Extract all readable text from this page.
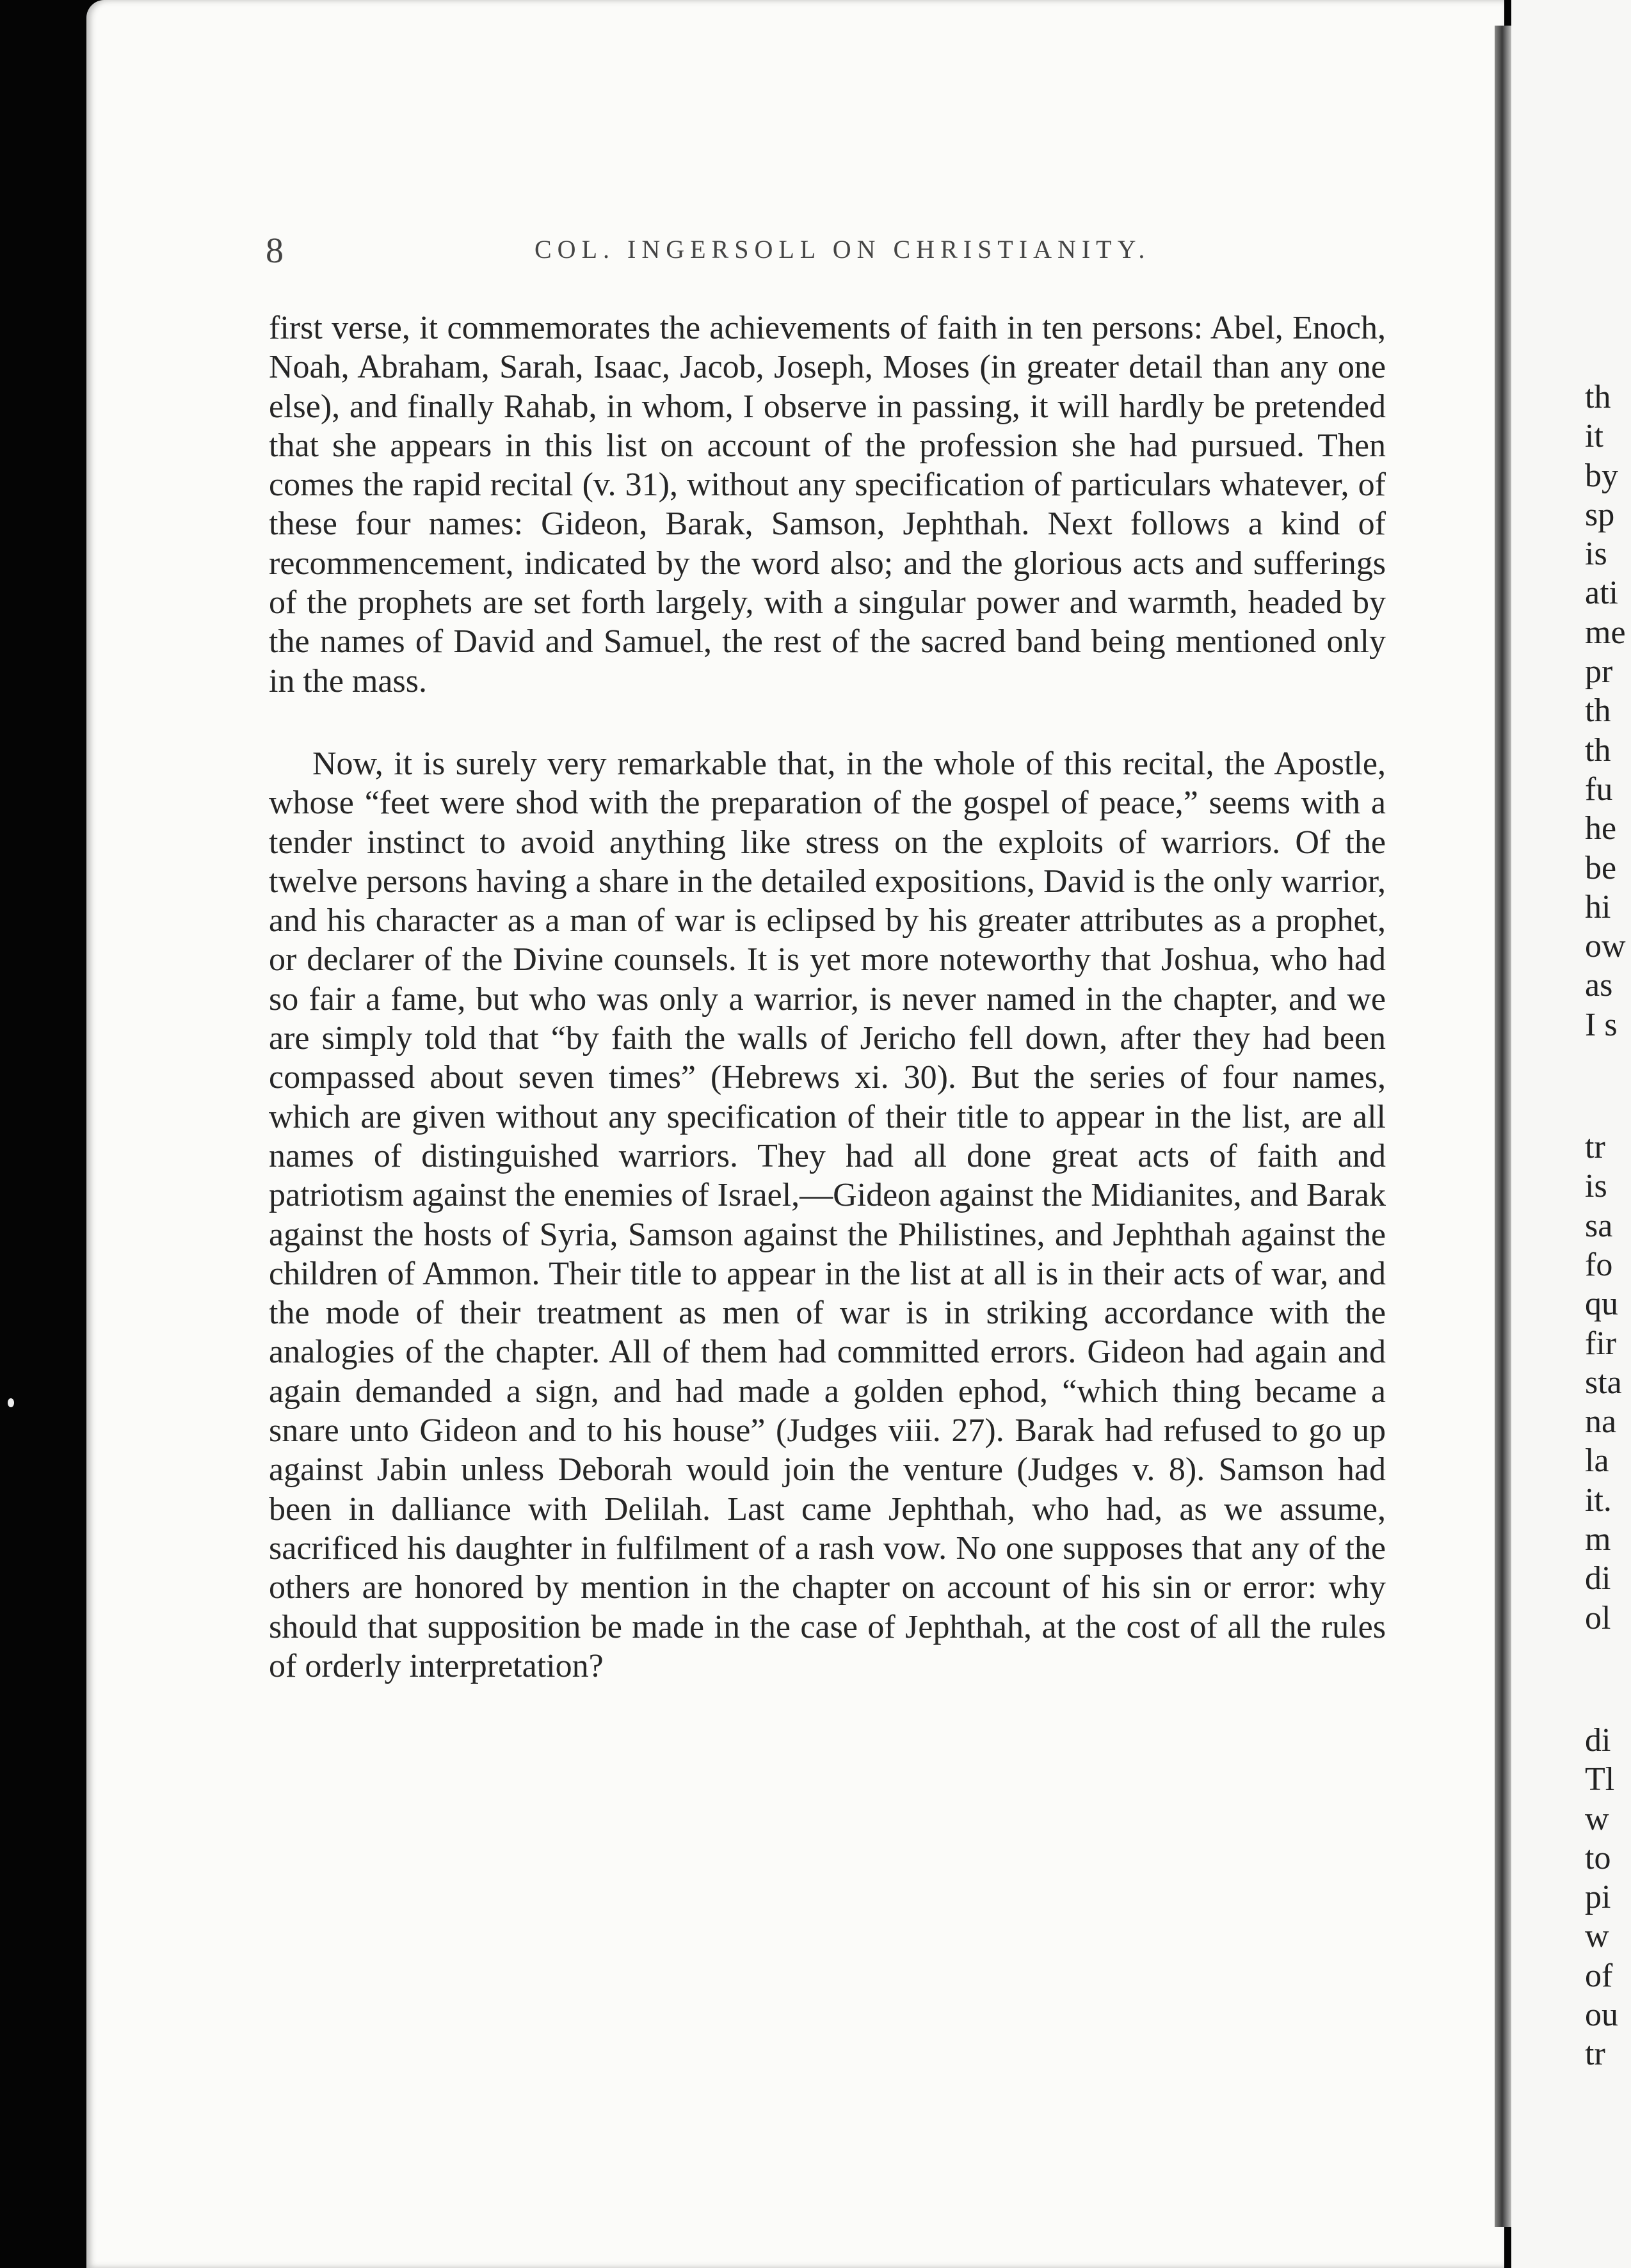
8	COL. INGERSOLL ON CHRISTIANITY.

first verse, it commemorates the achievements of faith in ten persons: Abel, Enoch, Noah, Abraham, Sarah, Isaac, Jacob, Joseph, Moses (in greater detail than any one else), and finally Rahab, in whom, I observe in passing, it will hardly be pretended that she appears in this list on account of the profession she had pursued. Then comes the rapid recital (v. 31), without any specification of particulars whatever, of these four names: Gideon, Barak, Samson, Jephthah. Next follows a kind of recommencement, indicated by the word also; and the glorious acts and sufferings of the prophets are set forth largely, with a singular power and warmth, headed by the names of David and Samuel, the rest of the sacred band being mentioned only in the mass.

Now, it is surely very remarkable that, in the whole of this recital, the Apostle, whose “feet were shod with the preparation of the gospel of peace,” seems with a tender instinct to avoid anything like stress on the exploits of warriors. Of the twelve persons having a share in the detailed expositions, David is the only warrior, and his character as a man of war is eclipsed by his greater attributes as a prophet, or declarer of the Divine counsels. It is yet more noteworthy that Joshua, who had so fair a fame, but who was only a warrior, is never named in the chapter, and we are simply told that “by faith the walls of Jericho fell down, after they had been compassed about seven times” (Hebrews xi. 30). But the series of four names, which are given without any specification of their title to appear in the list, are all names of distinguished warriors. They had all done great acts of faith and patriotism against the enemies of Israel,—Gideon against the Midianites, and Barak against the hosts of Syria, Samson against the Philistines, and Jephthah against the children of Ammon. Their title to appear in the list at all is in their acts of war, and the mode of their treatment as men of war is in striking accordance with the analogies of the chapter. All of them had committed errors. Gideon had again and again demanded a sign, and had made a golden ephod, “which thing became a snare unto Gideon and to his house” (Judges viii. 27). Barak had refused to go up against Jabin unless Deborah would join the venture (Judges v. 8). Samson had been in dalliance with Delilah. Last came Jephthah, who had, as we assume, sacrificed his daughter in fulfilment of a rash vow. No one supposes that any of the others are honored by mention in the chapter on account of his sin or error: why should that supposition be made in the case of Jephthah, at the cost of all the rules of orderly interpretation?

th
it
by
sp
is
ati
me
pr
th
th
fu
he
be
hi
ow
as
I s
tr
is
sa
fo
qu
fir
sta
na
la
it.
m
di
ol
di
Tl
w
to
pi
w
of
ou
tr
